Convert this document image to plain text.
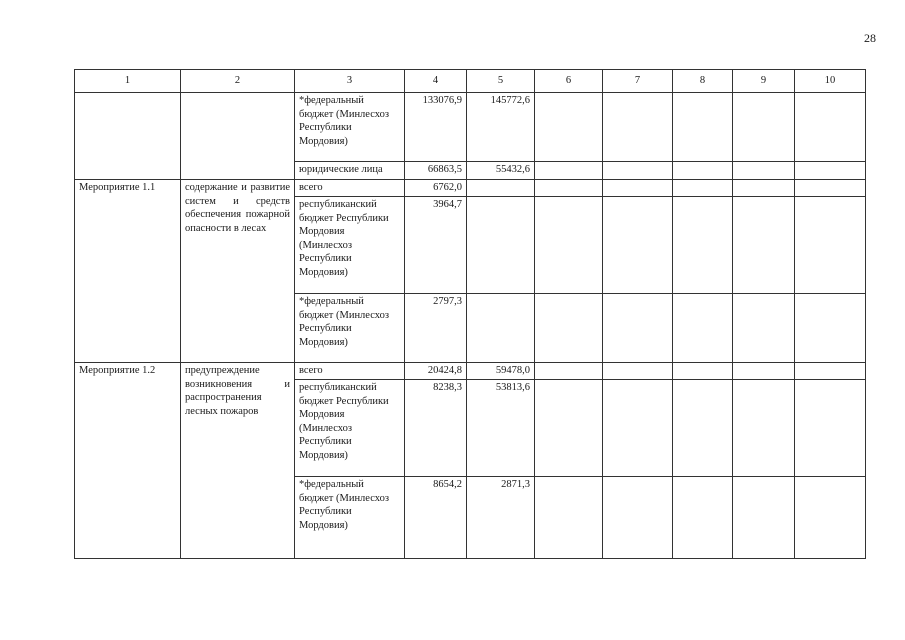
28
1	2	3	4	5	6	7	8	9	10
		*федеральный бюджет (Минлесхоз Республики Мордовия)	133076,9	145772,6					
		юридические лица	66863,5	55432,6					
Мероприятие 1.1	содержание и развитие систем и средств обеспечения пожарной опасности в лесах	всего	6762,0						
		республиканский бюджет Республики Мордовия (Минлесхоз Республики Мордовия)	3964,7						
		*федеральный бюджет (Минлесхоз Республики Мордовия)	2797,3						
Мероприятие 1.2	предупреждение возникновения и распространения лесных пожаров	всего	20424,8	59478,0					
		республиканский бюджет Республики Мордовия (Минлесхоз Республики Мордовия)	8238,3	53813,6					
		*федеральный бюджет (Минлесхоз Республики Мордовия)	8654,2	2871,3					
